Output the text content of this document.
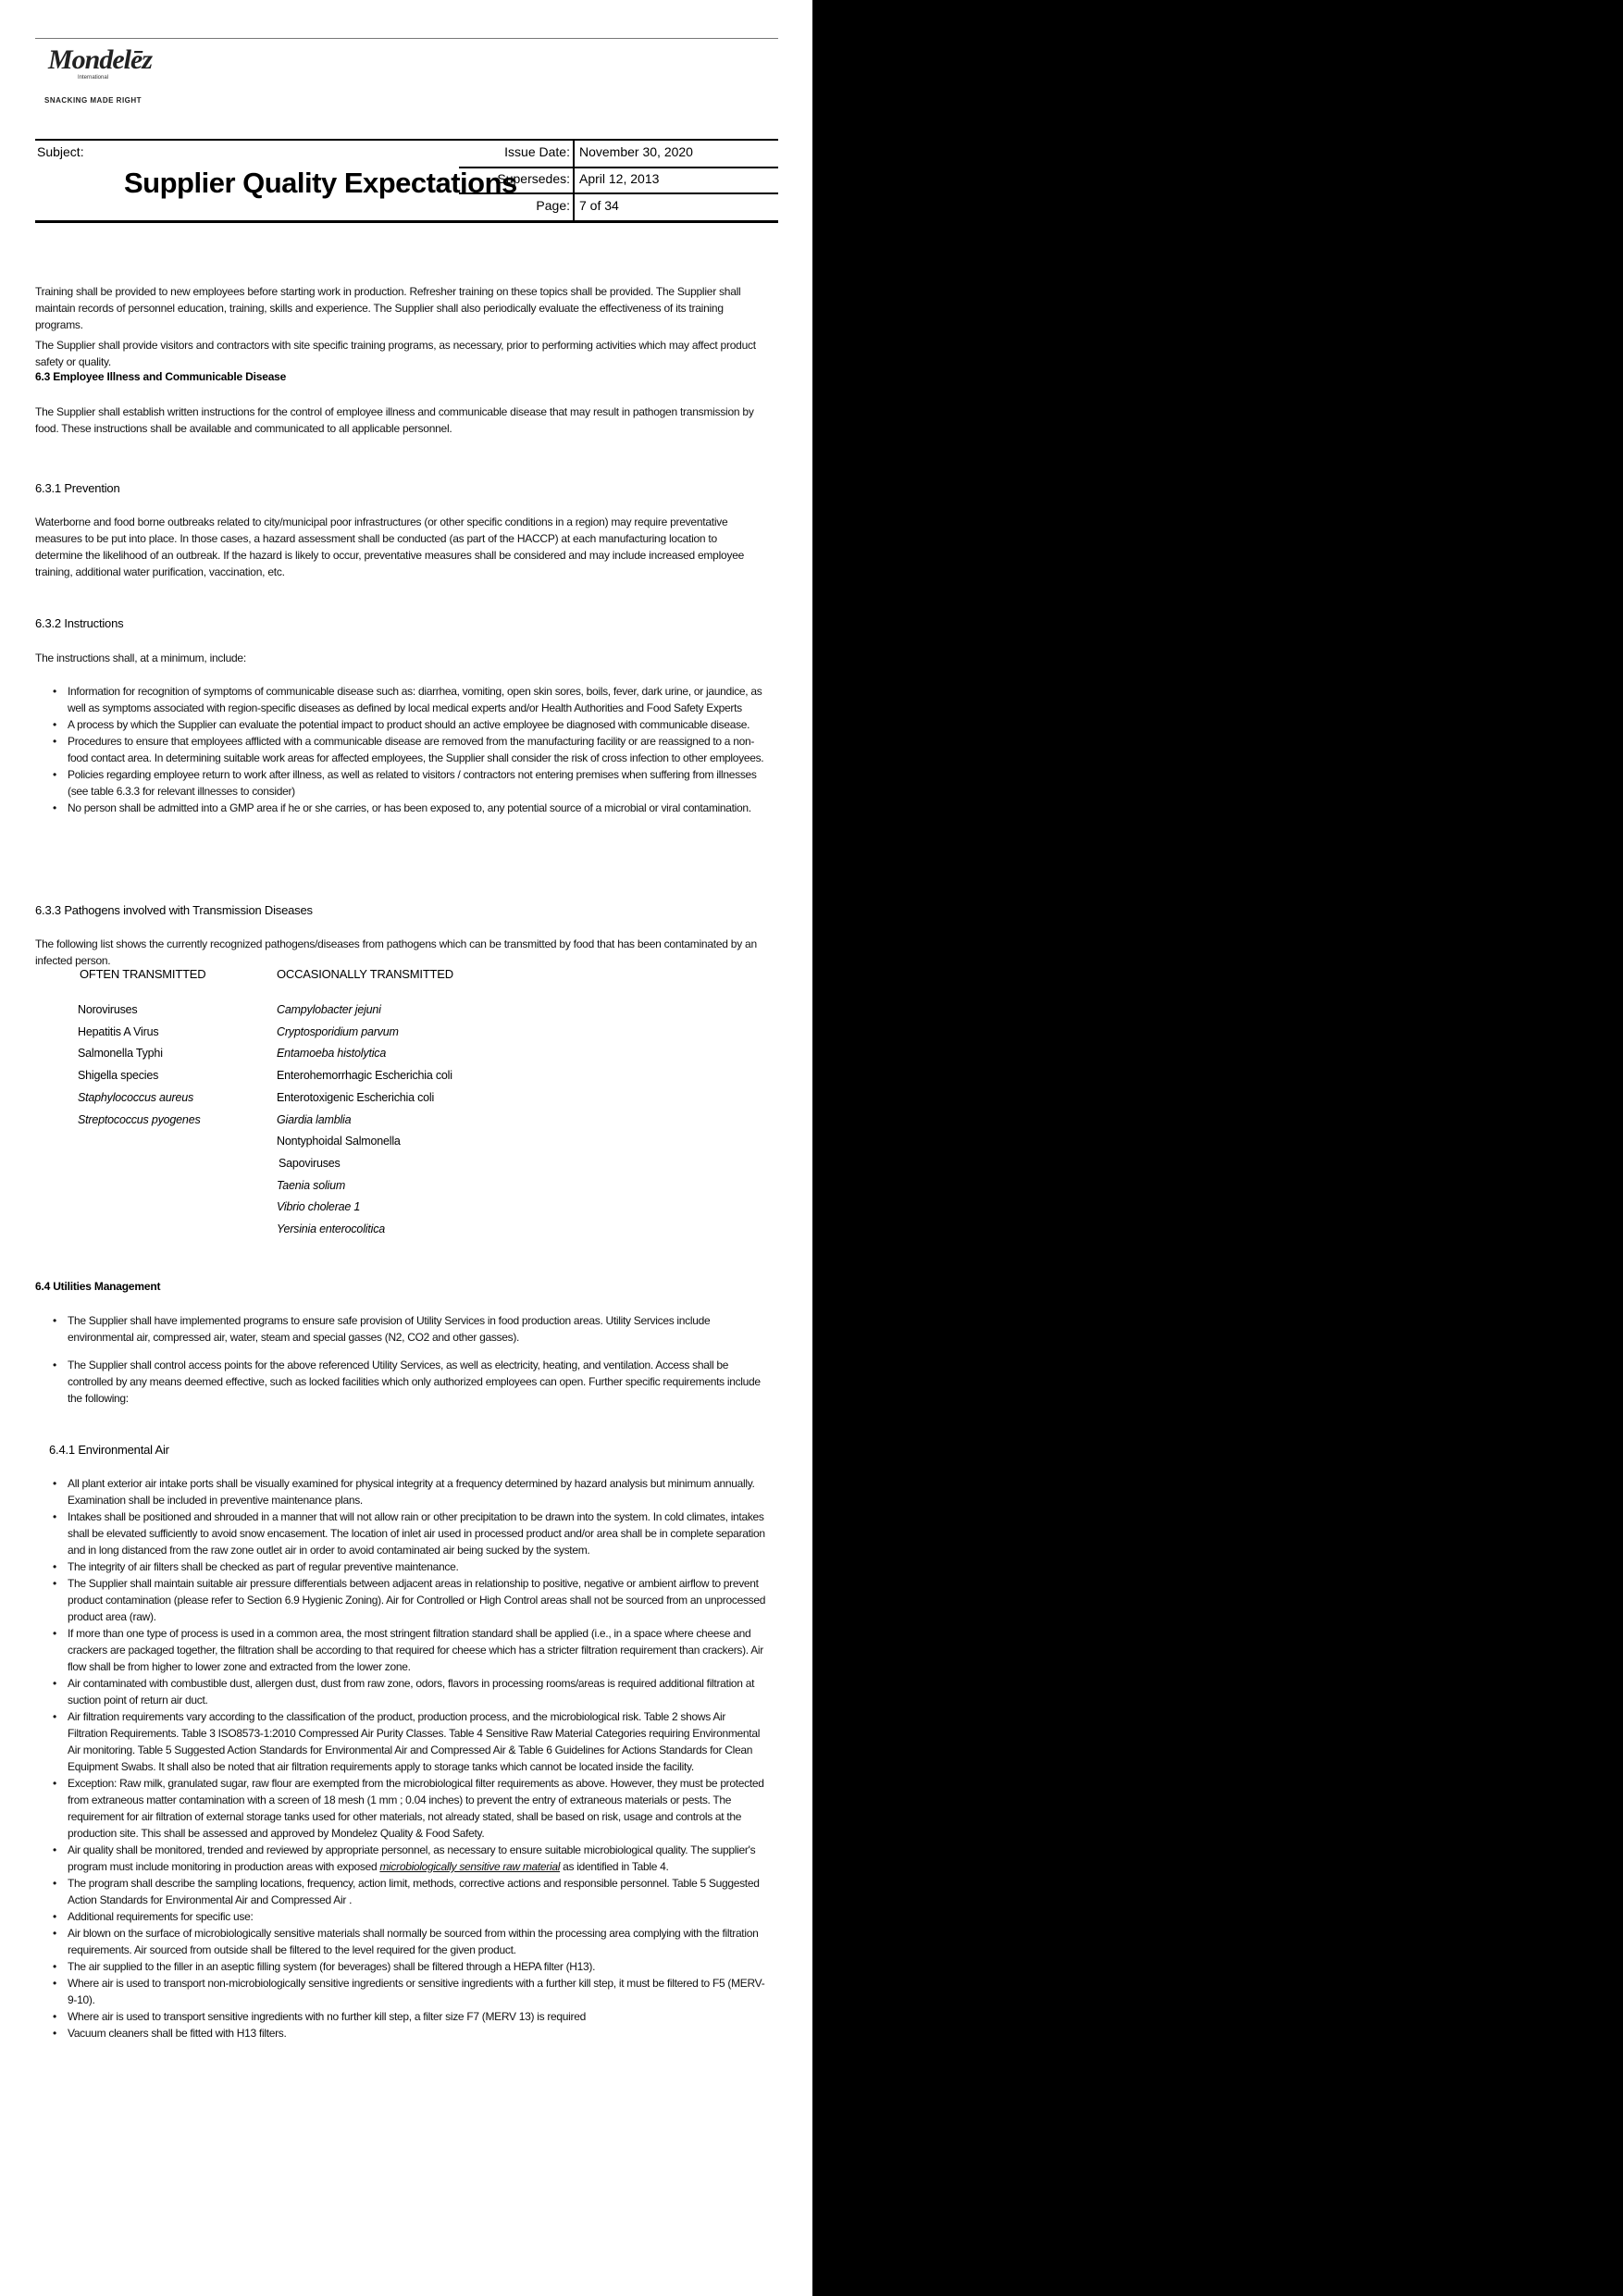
Mondelēz
International
SNACKING MADE RIGHT
Subject:
Supplier Quality Expectations
Issue Date: November 30, 2020
Supersedes: April 12, 2013
Page: 7 of 34

Training shall be provided to new employees before starting work in production. Refresher training on these topics shall be provided. The Supplier shall maintain records of personnel education, training, skills and experience. The Supplier shall also periodically evaluate the effectiveness of its training programs.

The Supplier shall provide visitors and contractors with site specific training programs, as necessary, prior to performing activities which may affect product safety or quality.

6.3 Employee Illness and Communicable Disease

The Supplier shall establish written instructions for the control of employee illness and communicable disease that may result in pathogen transmission by food. These instructions shall be available and communicated to all applicable personnel.

6.3.1 Prevention

Waterborne and food borne outbreaks related to city/municipal poor infrastructures (or other specific conditions in a region) may require preventative measures to be put into place. In those cases, a hazard assessment shall be conducted (as part of the HACCP) at each manufacturing location to determine the likelihood of an outbreak. If the hazard is likely to occur, preventative measures shall be considered and may include increased employee training, additional water purification, vaccination, etc.

6.3.2 Instructions

The instructions shall, at a minimum, include:

• Information for recognition of symptoms of communicable disease such as: diarrhea, vomiting, open skin sores, boils, fever, dark urine, or jaundice, as well as symptoms associated with region-specific diseases as defined by local medical experts and/or Health Authorities and Food Safety Experts
• A process by which the Supplier can evaluate the potential impact to product should an active employee be diagnosed with communicable disease.
• Procedures to ensure that employees afflicted with a communicable disease are removed from the manufacturing facility or are reassigned to a non-food contact area. In determining suitable work areas for affected employees, the Supplier shall consider the risk of cross infection to other employees.
• Policies regarding employee return to work after illness, as well as related to visitors / contractors not entering premises when suffering from illnesses (see table 6.3.3 for relevant illnesses to consider)
• No person shall be admitted into a GMP area if he or she carries, or has been exposed to, any potential source of a microbial or viral contamination.
6.3.3 Pathogens involved with Transmission Diseases

The following list shows the currently recognized pathogens/diseases from pathogens which can be transmitted by food that has been contaminated by an infected person.

OFTEN TRANSMITTED	OCCASIONALLY TRANSMITTED
Noroviruses
Hepatitis A Virus
Salmonella Typhi
Shigella species
Staphylococcus aureus
Streptococcus pyogenes
Campylobacter jejuni
Cryptosporidium parvum
Entamoeba histolytica
Enterohemorrhagic Escherichia coli
Enterotoxigenic Escherichia coli
Giardia lamblia
Nontyphoidal Salmonella
Sapoviruses
Taenia solium
Vibrio cholerae 1
Yersinia enterocolitica
6.4 Utilities Management
• The Supplier shall have implemented programs to ensure safe provision of Utility Services in food production areas. Utility Services include environmental air, compressed air, water, steam and special gasses (N2, CO2 and other gasses).
• The Supplier shall control access points for the above referenced Utility Services, as well as electricity, heating, and ventilation. Access shall be controlled by any means deemed effective, such as locked facilities which only authorized employees can open. Further specific requirements include the following:
6.4.1 Environmental Air
• All plant exterior air intake ports shall be visually examined for physical integrity at a frequency determined by hazard analysis but minimum annually. Examination shall be included in preventive maintenance plans.
• Intakes shall be positioned and shrouded in a manner that will not allow rain or other precipitation to be drawn into the system. In cold climates, intakes shall be elevated sufficiently to avoid snow encasement. The location of inlet air used in processed product and/or area shall be in complete separation and in long distanced from the raw zone outlet air in order to avoid contaminated air being sucked by the system.
• The integrity of air filters shall be checked as part of regular preventive maintenance.
• The Supplier shall maintain suitable air pressure differentials between adjacent areas in relationship to positive, negative or ambient airflow to prevent product contamination (please refer to Section 6.9 Hygienic Zoning). Air for Controlled or High Control areas shall not be sourced from an unprocessed product area (raw).
• If more than one type of process is used in a common area, the most stringent filtration standard shall be applied (i.e., in a space where cheese and crackers are packaged together, the filtration shall be according to that required for cheese which has a stricter filtration requirement than crackers). Air flow shall be from higher to lower zone and extracted from the lower zone.
• Air contaminated with combustible dust, allergen dust, dust from raw zone, odors, flavors in processing rooms/areas is required additional filtration at suction point of return air duct.
• Air filtration requirements vary according to the classification of the product, production process, and the microbiological risk. Table 2 shows Air Filtration Requirements. Table 3 ISO8573-1:2010 Compressed Air Purity Classes. Table 4 Sensitive Raw Material Categories requiring Environmental Air monitoring. Table 5 Suggested Action Standards for Environmental Air and Compressed Air & Table 6 Guidelines for Actions Standards for Clean Equipment Swabs. It shall also be noted that air filtration requirements apply to storage tanks which cannot be located inside the facility.
• Exception: Raw milk, granulated sugar, raw flour are exempted from the microbiological filter requirements as above. However, they must be protected from extraneous matter contamination with a screen of 18 mesh (1 mm ; 0.04 inches) to prevent the entry of extraneous materials or pests. The requirement for air filtration of external storage tanks used for other materials, not already stated, shall be based on risk, usage and controls at the production site. This shall be assessed and approved by Mondelez Quality & Food Safety.
• Air quality shall be monitored, trended and reviewed by appropriate personnel, as necessary to ensure suitable microbiological quality. The supplier's program must include monitoring in production areas with exposed microbiologically sensitive raw material as identified in Table 4.
• The program shall describe the sampling locations, frequency, action limit, methods, corrective actions and responsible personnel. Table 5 Suggested Action Standards for Environmental Air and Compressed Air .
• Additional requirements for specific use:
• Air blown on the surface of microbiologically sensitive materials shall normally be sourced from within the processing area complying with the filtration requirements. Air sourced from outside shall be filtered to the level required for the given product.
• The air supplied to the filler in an aseptic filling system (for beverages) shall be filtered through a HEPA filter (H13).
• Where air is used to transport non-microbiologically sensitive ingredients or sensitive ingredients with a further kill step, it must be filtered to F5 (MERV-9-10).
• Where air is used to transport sensitive ingredients with no further kill step, a filter size F7 (MERV 13) is required
• Vacuum cleaners shall be fitted with H13 filters.
